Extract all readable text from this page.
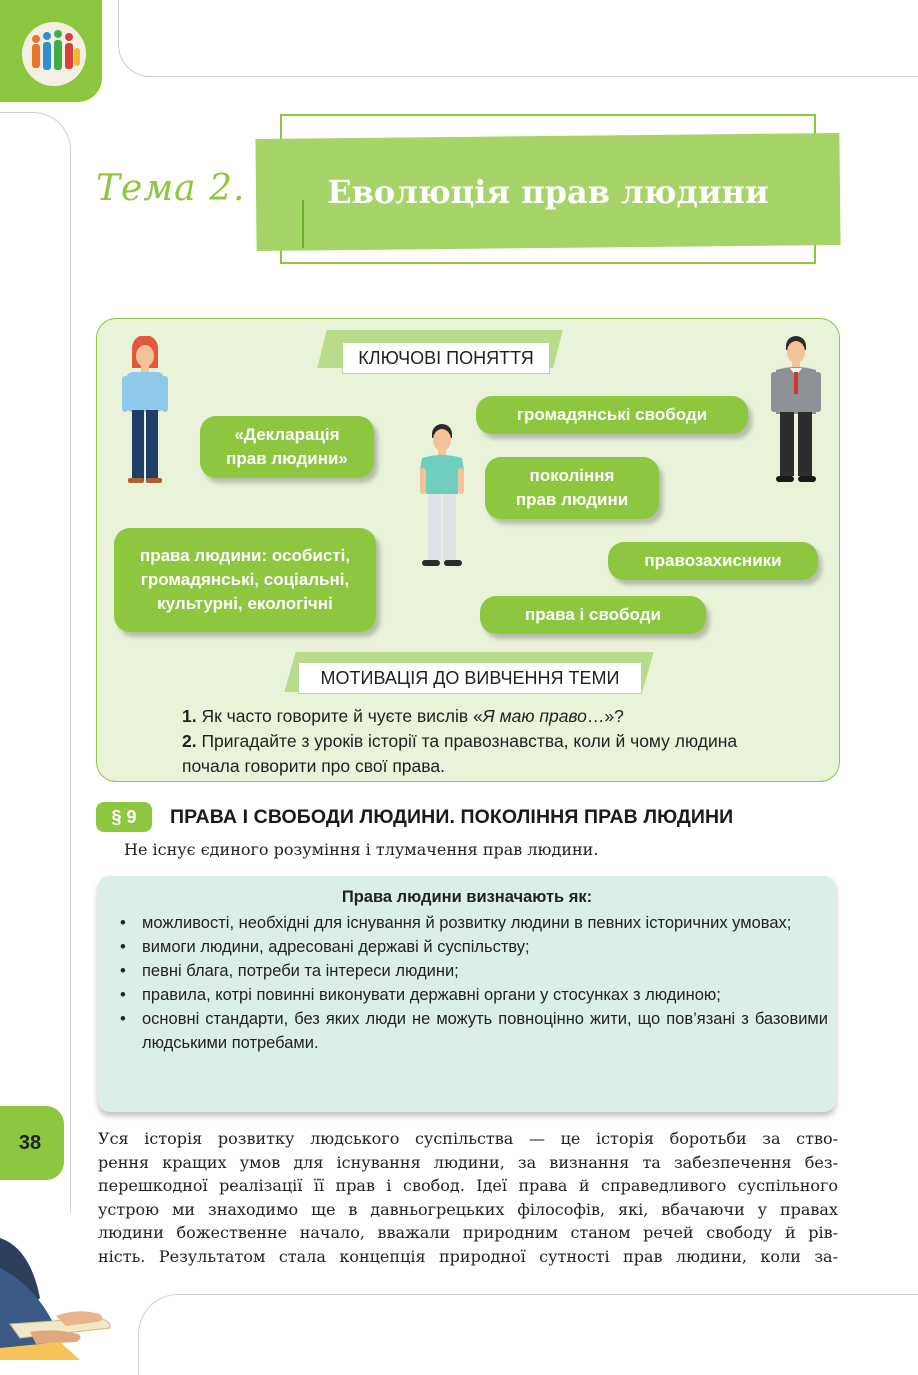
Тема 2.	Еволюція прав людини
КЛЮЧОВІ ПОНЯТТЯ
«Декларація
прав людини»
громадянські свободи
покоління
прав людини
права людини: особисті,
громадянські, соціальні,
культурні, екологічні
правозахисники
права і свободи
МОТИВАЦІЯ ДО ВИВЧЕННЯ ТЕМИ
1. Як часто говорите й чуєте вислів «Я маю право…»?
2. Пригадайте з уроків історії та правознавства, коли й чому людина почала говорити про свої права.
§ 9	ПРАВА І СВОБОДИ ЛЮДИНИ. ПОКОЛІННЯ ПРАВ ЛЮДИНИ
Не існує єдиного розуміння і тлумачення прав людини.
Права людини визначають як:
• можливості, необхідні для існування й розвитку людини в певних історичних умовах;
• вимоги людини, адресовані державі й суспільству;
• певні блага, потреби та інтереси людини;
• правила, котрі повинні виконувати державні органи у стосунках з людиною;
• основні стандарти, без яких люди не можуть повноцінно жити, що пов’язані з базовими людськими потребами.
38	Уся історія розвитку людського суспільства — це історія боротьби за ство-
рення кращих умов для існування людини, за визнання та забезпечення без-
перешкодної реалізації її прав і свобод. Ідеї права й справедливого суспільного
устрою ми знаходимо ще в давньогрецьких філософів, які, вбачаючи у правах
людини божественне начало, вважали природним станом речей свободу й рів-
ність. Результатом стала концепція природної сутності прав людини, коли за-
